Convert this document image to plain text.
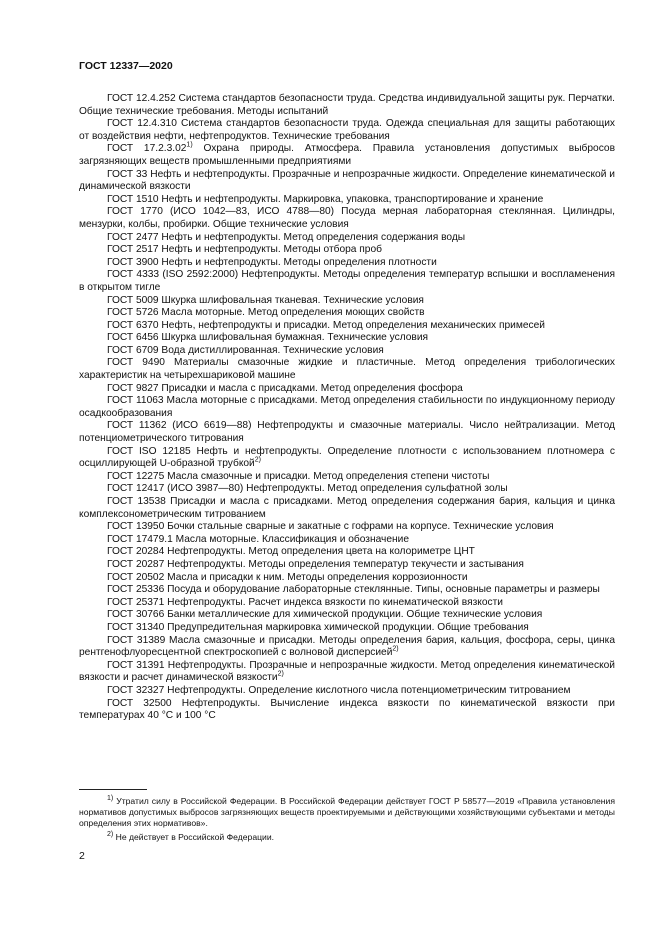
ГОСТ 12337—2020

ГОСТ 12.4.252 Система стандартов безопасности труда. Средства индивидуальной защиты рук. Перчатки. Общие технические требования. Методы испытаний

ГОСТ 12.4.310 Система стандартов безопасности труда. Одежда специальная для защиты работающих от воздействия нефти, нефтепродуктов. Технические требования

ГОСТ 17.2.3.02$^{1)}$ Охрана природы. Атмосфера. Правила установления допустимых выбросов загрязняющих веществ промышленными предприятиями

ГОСТ 33 Нефть и нефтепродукты. Прозрачные и непрозрачные жидкости. Определение кинематической и динамической вязкости

ГОСТ 1510 Нефть и нефтепродукты. Маркировка, упаковка, транспортирование и хранение

ГОСТ 1770 (ИСО 1042—83, ИСО 4788—80) Посуда мерная лабораторная стеклянная. Цилиндры, мензурки, колбы, пробирки. Общие технические условия

ГОСТ 2477 Нефть и нефтепродукты. Метод определения содержания воды

ГОСТ 2517 Нефть и нефтепродукты. Методы отбора проб

ГОСТ 3900 Нефть и нефтепродукты. Методы определения плотности

ГОСТ 4333 (ISO 2592:2000) Нефтепродукты. Методы определения температур вспышки и воспламенения в открытом тигле

ГОСТ 5009 Шкурка шлифовальная тканевая. Технические условия

ГОСТ 5726 Масла моторные. Метод определения моющих свойств

ГОСТ 6370 Нефть, нефтепродукты и присадки. Метод определения механических примесей

ГОСТ 6456 Шкурка шлифовальная бумажная. Технические условия

ГОСТ 6709 Вода дистиллированная. Технические условия

ГОСТ 9490 Материалы смазочные жидкие и пластичные. Метод определения трибологических характеристик на четырехшариковой машине

ГОСТ 9827 Присадки и масла с присадками. Метод определения фосфора

ГОСТ 11063 Масла моторные с присадками. Метод определения стабильности по индукционному периоду осадкообразования

ГОСТ 11362 (ИСО 6619—88) Нефтепродукты и смазочные материалы. Число нейтрализации. Метод потенциометрического титрования

ГОСТ ISO 12185 Нефть и нефтепродукты. Определение плотности с использованием плотномера с осциллирующей U-образной трубкой$^{2)}$

ГОСТ 12275 Масла смазочные и присадки. Метод определения степени чистоты

ГОСТ 12417 (ИСО 3987—80) Нефтепродукты. Метод определения сульфатной золы

ГОСТ 13538 Присадки и масла с присадками. Метод определения содержания бария, кальция и цинка комплексонометрическим титрованием

ГОСТ 13950 Бочки стальные сварные и закатные с гофрами на корпусе. Технические условия

ГОСТ 17479.1 Масла моторные. Классификация и обозначение

ГОСТ 20284 Нефтепродукты. Метод определения цвета на колориметре ЦНТ

ГОСТ 20287 Нефтепродукты. Методы определения температур текучести и застывания

ГОСТ 20502 Масла и присадки к ним. Методы определения коррозионности

ГОСТ 25336 Посуда и оборудование лабораторные стеклянные. Типы, основные параметры и размеры

ГОСТ 25371 Нефтепродукты. Расчет индекса вязкости по кинематической вязкости

ГОСТ 30766 Банки металлические для химической продукции. Общие технические условия

ГОСТ 31340 Предупредительная маркировка химической продукции. Общие требования

ГОСТ 31389 Масла смазочные и присадки. Методы определения бария, кальция, фосфора, серы, цинка рентгенофлуоресцентной спектроскопией с волновой дисперсией$^{2)}$

ГОСТ 31391 Нефтепродукты. Прозрачные и непрозрачные жидкости. Метод определения кинематической вязкости и расчет динамической вязкости$^{2)}$

ГОСТ 32327 Нефтепродукты. Определение кислотного числа потенциометрическим титрованием

ГОСТ 32500 Нефтепродукты. Вычисление индекса вязкости по кинематической вязкости при температурах 40 °С и 100 °С

$^{1)}$ Утратил силу в Российской Федерации. В Российской Федерации действует ГОСТ Р 58577—2019 «Правила установления нормативов допустимых выбросов загрязняющих веществ проектируемыми и действующими хозяйствующими субъектами и методы определения этих нормативов».

$^{2)}$ Не действует в Российской Федерации.

2
